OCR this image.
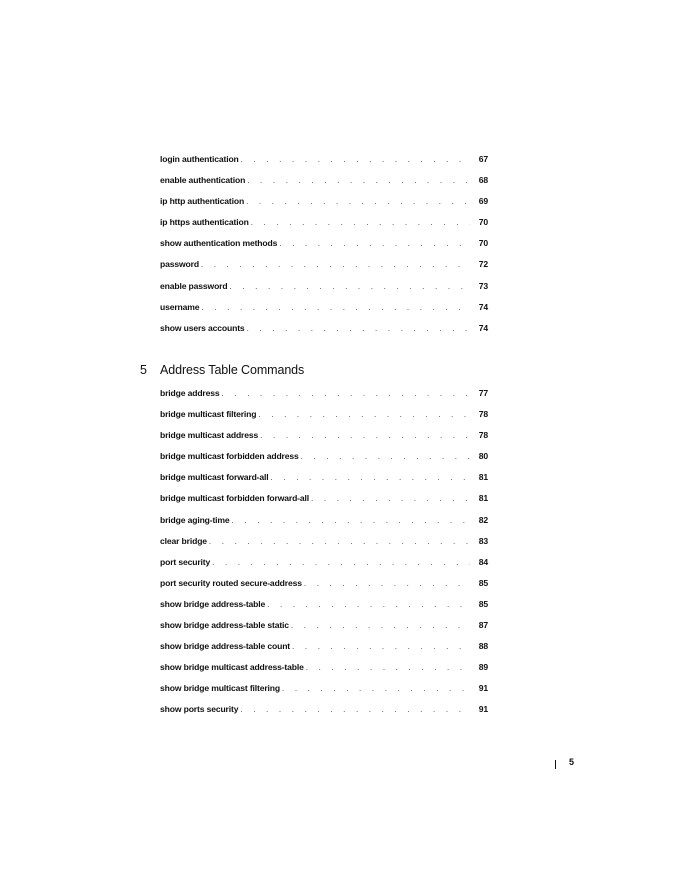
login authentication . . .	67
enable authentication . . .	68
ip http authentication . . .	69
ip https authentication . . .	70
show authentication methods . . .	70
password . . .	72
enable password . . .	73
username . . .	74
show users accounts . . .	74
5 Address Table Commands
bridge address . . .	77
bridge multicast filtering . . .	78
bridge multicast address . . .	78
bridge multicast forbidden address . . .	80
bridge multicast forward-all . . .	81
bridge multicast forbidden forward-all . . .	81
bridge aging-time . . .	82
clear bridge . . .	83
port security . . .	84
port security routed secure-address . . .	85
show bridge address-table . . .	85
show bridge address-table static . . .	87
show bridge address-table count . . .	88
show bridge multicast address-table . . .	89
show bridge multicast filtering . . .	91
show ports security . . .	91
5
